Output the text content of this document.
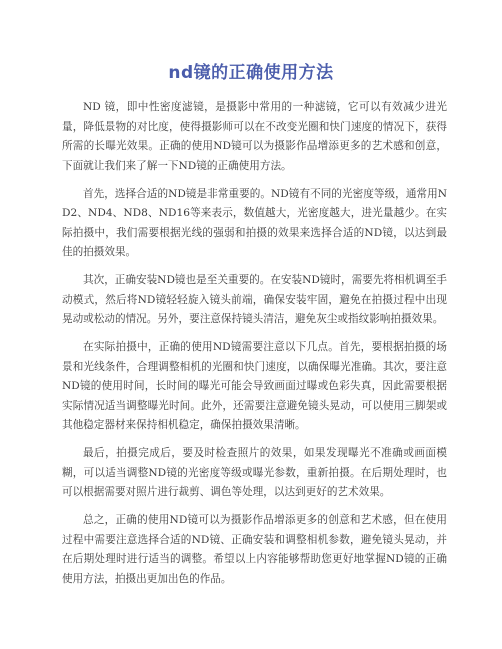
nd镜的正确使用方法

ND 镜，即中性密度滤镜，是摄影中常用的一种滤镜，它可以有效减少进光量，降低景物的对比度，使得摄影师可以在不改变光圈和快门速度的情况下，获得所需的长曝光效果。正确的使用ND镜可以为摄影作品增添更多的艺术感和创意，下面就让我们来了解一下ND镜的正确使用方法。

首先，选择合适的ND镜是非常重要的。ND镜有不同的光密度等级，通常用ND2、ND4、ND8、ND16等来表示，数值越大，光密度越大，进光量越少。在实际拍摄中，我们需要根据光线的强弱和拍摄的效果来选择合适的ND镜，以达到最佳的拍摄效果。

其次，正确安装ND镜也是至关重要的。在安装ND镜时，需要先将相机调至手动模式，然后将ND镜轻轻旋入镜头前端，确保安装牢固，避免在拍摄过程中出现晃动或松动的情况。另外，要注意保持镜头清洁，避免灰尘或指纹影响拍摄效果。

在实际拍摄中，正确的使用ND镜需要注意以下几点。首先，要根据拍摄的场景和光线条件，合理调整相机的光圈和快门速度，以确保曝光准确。其次，要注意ND镜的使用时间，长时间的曝光可能会导致画面过曝或色彩失真，因此需要根据实际情况适当调整曝光时间。此外，还需要注意避免镜头晃动，可以使用三脚架或其他稳定器材来保持相机稳定，确保拍摄效果清晰。

最后，拍摄完成后，要及时检查照片的效果，如果发现曝光不准确或画面模糊，可以适当调整ND镜的光密度等级或曝光参数，重新拍摄。在后期处理时，也可以根据需要对照片进行裁剪、调色等处理，以达到更好的艺术效果。

总之，正确的使用ND镜可以为摄影作品增添更多的创意和艺术感，但在使用过程中需要注意选择合适的ND镜、正确安装和调整相机参数，避免镜头晃动，并在后期处理时进行适当的调整。希望以上内容能够帮助您更好地掌握ND镜的正确使用方法，拍摄出更加出色的作品。
